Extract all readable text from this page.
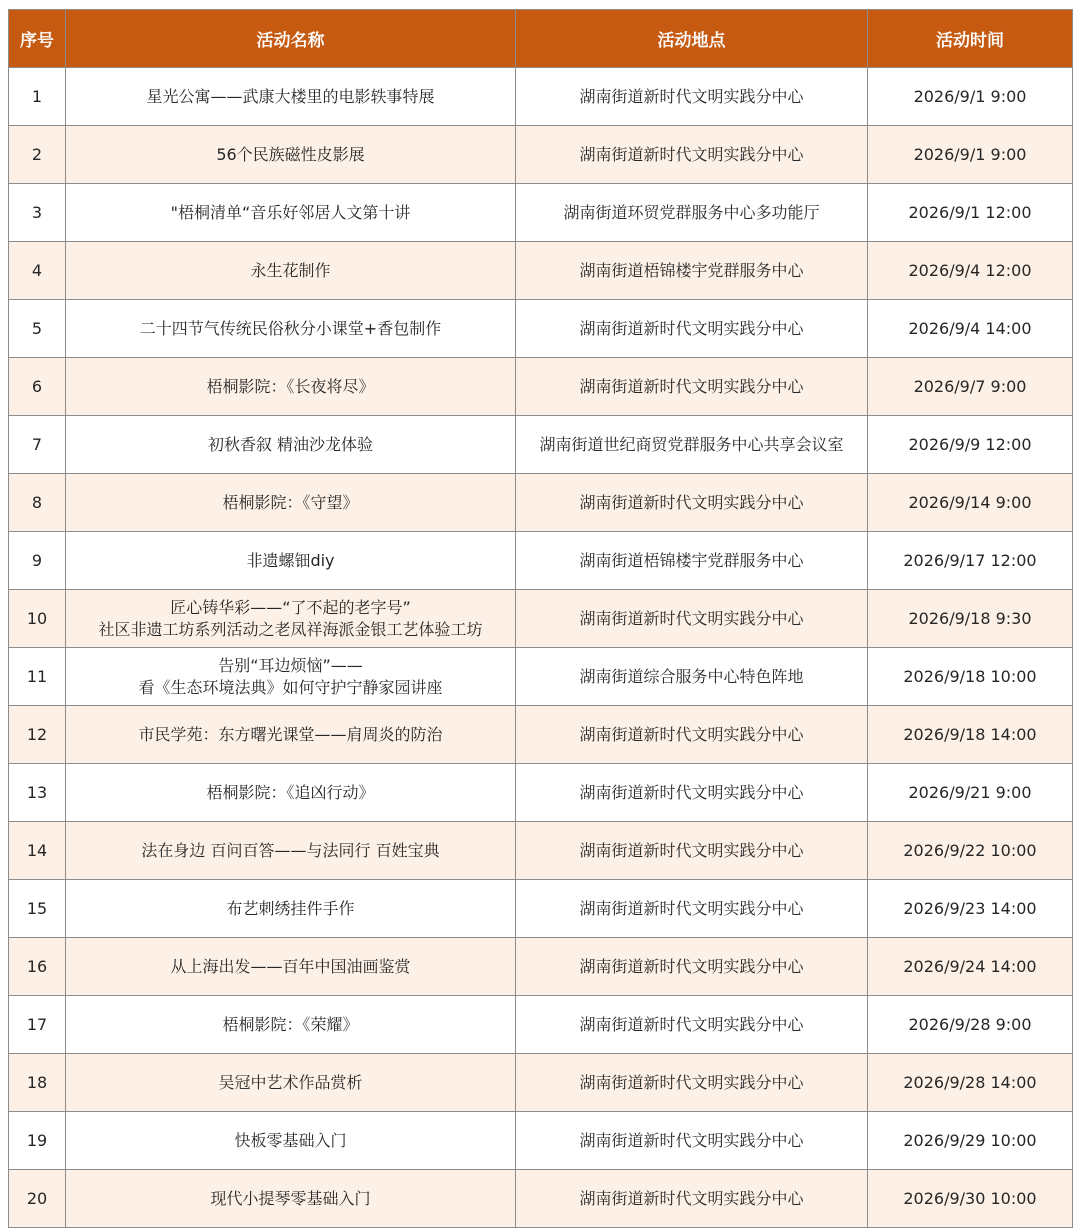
序号	活动名称	活动地点	活动时间
1	星光公寓——武康大楼里的电影轶事特展	湖南街道新时代文明实践分中心	2026/9/1 9:00
2	56个民族磁性皮影展	湖南街道新时代文明实践分中心	2026/9/1 9:00
3	"梧桐清单“音乐好邻居人文第十讲	湖南街道环贸党群服务中心多功能厅	2026/9/1 12:00
4	永生花制作	湖南街道梧锦楼宇党群服务中心	2026/9/4 12:00
5	二十四节气传统民俗秋分小课堂+香包制作	湖南街道新时代文明实践分中心	2026/9/4 14:00
6	梧桐影院：《长夜将尽》	湖南街道新时代文明实践分中心	2026/9/7 9:00
7	初秋香叙 精油沙龙体验	湖南街道世纪商贸党群服务中心共享会议室	2026/9/9 12:00
8	梧桐影院：《守望》	湖南街道新时代文明实践分中心	2026/9/14 9:00
9	非遗螺钿diy	湖南街道梧锦楼宇党群服务中心	2026/9/17 12:00
10	匠心铸华彩——“了不起的老字号”
社区非遗工坊系列活动之老凤祥海派金银工艺体验工坊	湖南街道新时代文明实践分中心	2026/9/18 9:30
11	告别“耳边烦恼”——
看《生态环境法典》如何守护宁静家园讲座	湖南街道综合服务中心特色阵地	2026/9/18 10:00
12	市民学苑：东方曙光课堂——肩周炎的防治	湖南街道新时代文明实践分中心	2026/9/18 14:00
13	梧桐影院：《追凶行动》	湖南街道新时代文明实践分中心	2026/9/21 9:00
14	法在身边 百问百答——与法同行 百姓宝典	湖南街道新时代文明实践分中心	2026/9/22 10:00
15	布艺刺绣挂件手作	湖南街道新时代文明实践分中心	2026/9/23 14:00
16	从上海出发——百年中国油画鉴赏	湖南街道新时代文明实践分中心	2026/9/24 14:00
17	梧桐影院：《荣耀》	湖南街道新时代文明实践分中心	2026/9/28 9:00
18	吴冠中艺术作品赏析	湖南街道新时代文明实践分中心	2026/9/28 14:00
19	快板零基础入门	湖南街道新时代文明实践分中心	2026/9/29 10:00
20	现代小提琴零基础入门	湖南街道新时代文明实践分中心	2026/9/30 10:00
